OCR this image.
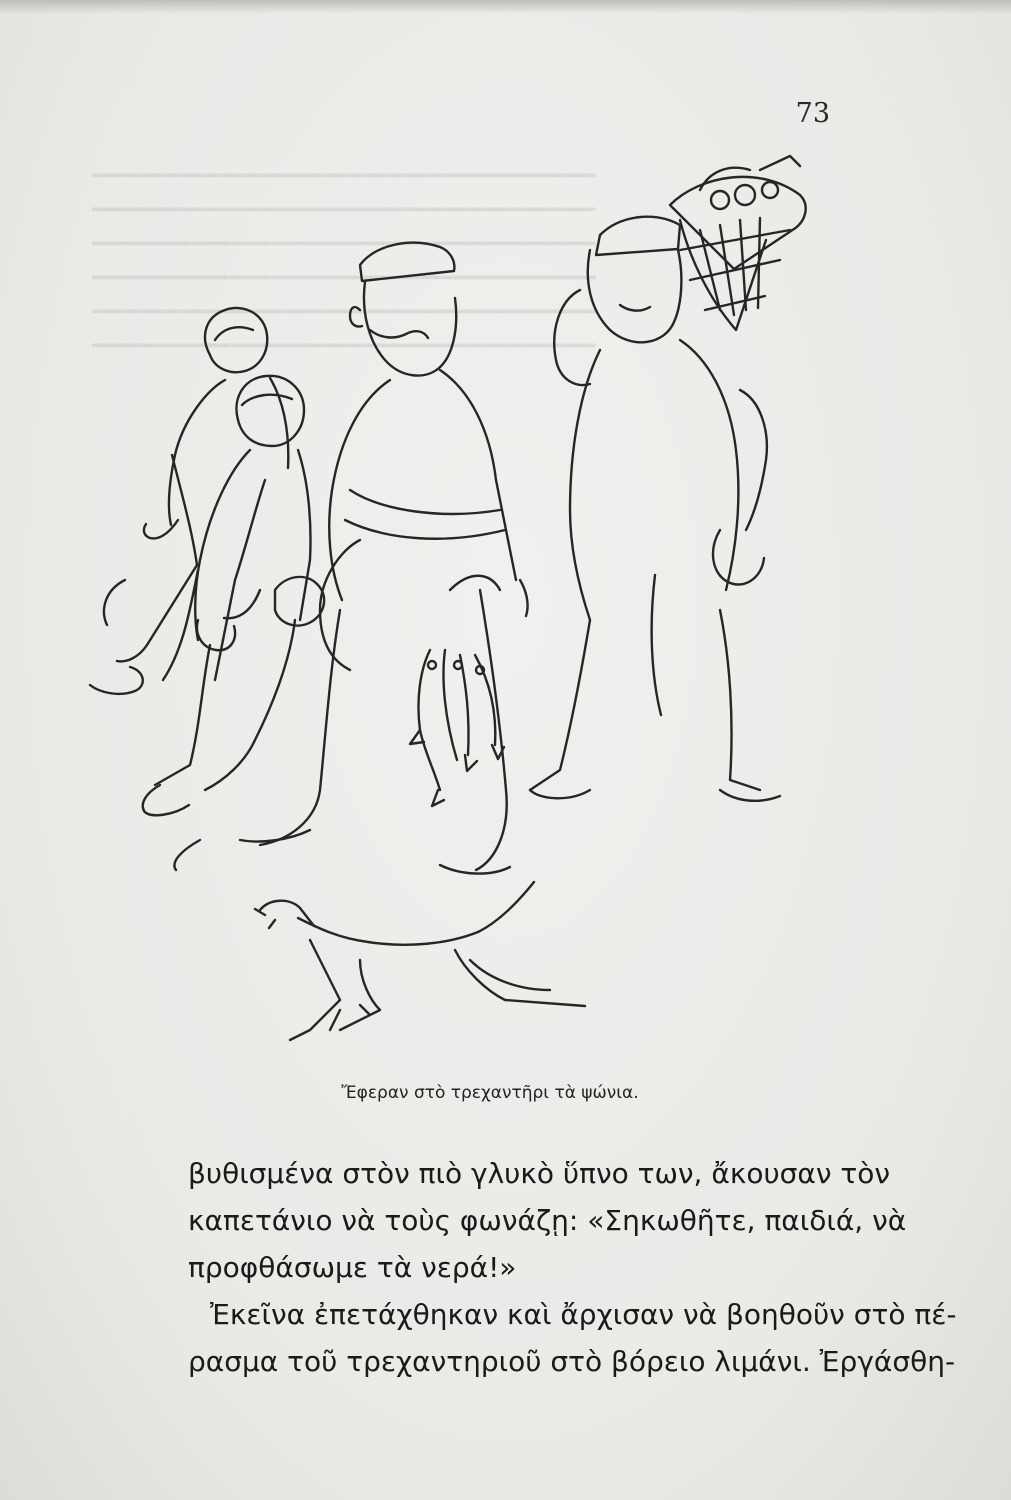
73
━━━━━━━━━━━━━━━━━━━━━━━━━━━━━━━━━━━━━━
━━━━━━━━━━━━━━━━━━━━━━━━━━━━━━━━━━━━━━
━━━━━━━━━━━━━━━━━━━━━━━━━━━━━━━━━━━━━━
━━━━━━━━━━━━━━━━━━━━━━━━━━━━━━━━━━━━━━
━━━━━━━━━━━━━━━━━━━━━━━━━━━━━━━━━━━━━━
━━━━━━━━━━━━━━━━━━━━━━━━━━━━━━━━━━━━━━
Ἔφεραν στὸ τρεχαντῆρι τὰ ψώνια.

βυθισμένα στὸν πιὸ γλυκὸ ὕπνο των, ἄκουσαν τὸν
καπετάνιο νὰ τοὺς φωνάζῃ: «Σηκωθῆτε, παιδιά, νὰ
προφθάσωμε τὰ νερά!»
Ἐκεῖνα ἐπετάχθηκαν καὶ ἄρχισαν νὰ βοηθοῦν στὸ πέ-
ρασμα τοῦ τρεχαντηριοῦ στὸ βόρειο λιμάνι. Ἐργάσθη-
